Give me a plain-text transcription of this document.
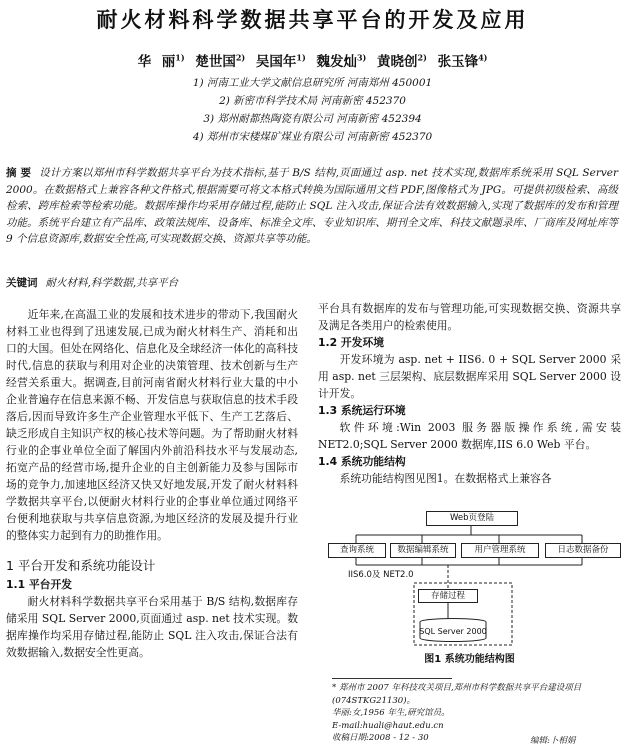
耐火材料科学数据共享平台的开发及应用
华 丽$^{1)}$ 楚世国$^{2)}$ 吴国年$^{1)}$ 魏发灿$^{3)}$ 黄晓创$^{2)}$ 张玉锋$^{4)}$
1) 河南工业大学文献信息研究所 河南郑州 450001
2) 新密市科学技术局 河南新密 452370
3) 郑州耐都热陶瓷有限公司 河南新密 452394
4) 郑州市宋楼煤矿煤业有限公司 河南新密 452370
摘 要 设计方案以郑州市科学数据共享平台为技术指标,基于 B/S 结构,页面通过 asp. net 技术实现,数据库系统采用 SQL Server 2000。在数据格式上兼容各种文件格式,根据需要可将文本格式转换为国际通用文档 PDF,图像格式为 JPG。可提供初级检索、高级检索、跨库检索等检索功能。数据库操作均采用存储过程,能防止 SQL 注入攻击,保证合法有效数据输入,实现了数据库的发布和管理功能。系统平台建立有产品库、政策法规库、设备库、标准全文库、专业知识库、期刊全文库、科技文献题录库、厂商库及网址库等 9 个信息资源库,数据安全性高,可实现数据交换、资源共享等功能。
关键词 耐火材料,科学数据,共享平台

近年来,在高温工业的发展和技术进步的带动下,我国耐火材料工业也得到了迅速发展,已成为耐火材料生产、消耗和出口的大国。但处在网络化、信息化及全球经济一体化的高科技时代,信息的获取与利用对企业的决策管理、技术创新与生产经营关系重大。据调查,目前河南省耐火材料行业大量的中小企业普遍存在信息来源不畅、开发信息与获取信息的技术手段落后,因而导致许多生产企业管理水平低下、生产工艺落后、缺乏形成自主知识产权的核心技术等问题。为了帮助耐火材料行业的企事业单位全面了解国内外前沿科技水平与发展动态,拓宽产品的经营市场,提升企业的自主创新能力及参与国际市场的竞争力,加速地区经济又快又好地发展,开发了耐火材料科学数据共享平台,以便耐火材料行业的企事业单位通过网络平台便利地获取与共享信息资源,为地区经济的发展及提升行业的整体实力起到有力的助推作用。

1 平台开发和系统功能设计
1.1 平台开发

耐火材料科学数据共享平台采用基于 B/S 结构,数据库存储采用 SQL Server 2000,页面通过 asp. net 技术实现。数据库操作均采用存储过程,能防止 SQL 注入攻击,保证合法有效数据输入,数据安全性更高。

平台具有数据库的发布与管理功能,可实现数据交换、资源共享及满足各类用户的检索使用。

1.2 开发环境

开发环境为 asp. net + IIS6. 0 + SQL Server 2000 采用 asp. net 三层架构、底层数据库采用 SQL Server 2000 设计开发。

1.3 系统运行环境

软件环境:Win 2003 服务器版操作系统,需安装 NET2.0;SQL Server 2000 数据库,IIS 6.0 Web 平台。

1.4 系统功能结构

系统功能结构图见图1。在数据格式上兼容各

Web页登陆
查询系统	数据编辑系统	用户管理系统	日志数据备份
IIS6.0及 NET2.0
存储过程
SQL Server 2000
图1 系统功能结构图
* 郑州市 2007 年科技攻关项目,郑州市科学数据共享平台建设项目(074STKG21130)。
华丽:女,1956 年生,研究馆员。
E-mail:huali@haut.edu.cn
收稿日期:2008 - 12 - 30	编辑:卜相娟
